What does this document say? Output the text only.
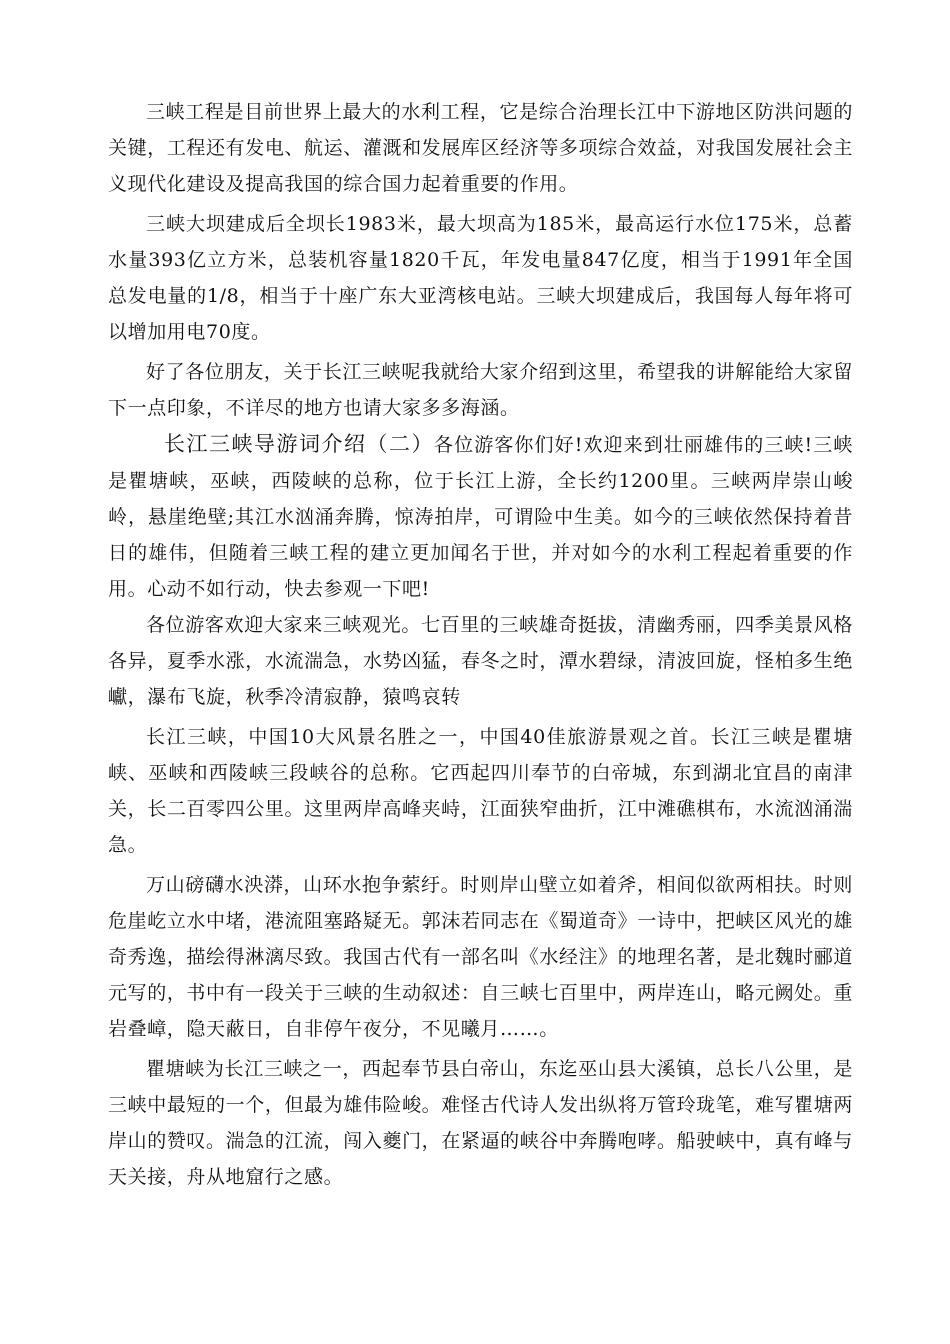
三峡工程是目前世界上最大的水利工程，它是综合治理长江中下游地区防洪问题的关键，工程还有发电、航运、灌溉和发展库区经济等多项综合效益，对我国发展社会主义现代化建设及提高我国的综合国力起着重要的作用。

三峡大坝建成后全坝长1983米，最大坝高为185米，最高运行水位175米，总蓄水量393亿立方米，总装机容量1820千瓦，年发电量847亿度，相当于1991年全国总发电量的1/8，相当于十座广东大亚湾核电站。三峡大坝建成后，我国每人每年将可以增加用电70度。

好了各位朋友，关于长江三峡呢我就给大家介绍到这里，希望我的讲解能给大家留下一点印象，不详尽的地方也请大家多多海涵。

长江三峡导游词介绍（二）各位游客你们好!欢迎来到壮丽雄伟的三峡!三峡是瞿塘峡，巫峡，西陵峡的总称，位于长江上游，全长约1200里。三峡两岸崇山峻岭，悬崖绝壁;其江水汹涌奔腾，惊涛拍岸，可谓险中生美。如今的三峡依然保持着昔日的雄伟，但随着三峡工程的建立更加闻名于世，并对如今的水利工程起着重要的作用。心动不如行动，快去参观一下吧!

各位游客欢迎大家来三峡观光。七百里的三峡雄奇挺拔，清幽秀丽，四季美景风格各异，夏季水涨，水流湍急，水势凶猛，春冬之时，潭水碧绿，清波回旋，怪柏多生绝巘，瀑布飞旋，秋季冷清寂静，猿鸣哀转

长江三峡，中国10大风景名胜之一，中国40佳旅游景观之首。长江三峡是瞿塘峡、巫峡和西陵峡三段峡谷的总称。它西起四川奉节的白帝城，东到湖北宜昌的南津关，长二百零四公里。这里两岸高峰夹峙，江面狭窄曲折，江中滩礁棋布，水流汹涌湍急。

万山磅礴水泱漭，山环水抱争萦纡。时则岸山壁立如着斧，相间似欲两相扶。时则危崖屹立水中堵，港流阻塞路疑无。郭沫若同志在《蜀道奇》一诗中，把峡区风光的雄奇秀逸，描绘得淋漓尽致。我国古代有一部名叫《水经注》的地理名著，是北魏时郦道元写的，书中有一段关于三峡的生动叙述：自三峡七百里中，两岸连山，略元阙处。重岩叠嶂，隐天蔽日，自非停午夜分，不见曦月……。

瞿塘峡为长江三峡之一，西起奉节县白帝山，东迄巫山县大溪镇，总长八公里，是三峡中最短的一个，但最为雄伟险峻。难怪古代诗人发出纵将万管玲珑笔，难写瞿塘两岸山的赞叹。湍急的江流，闯入夔门，在紧逼的峡谷中奔腾咆哮。船驶峡中，真有峰与天关接，舟从地窟行之感。
